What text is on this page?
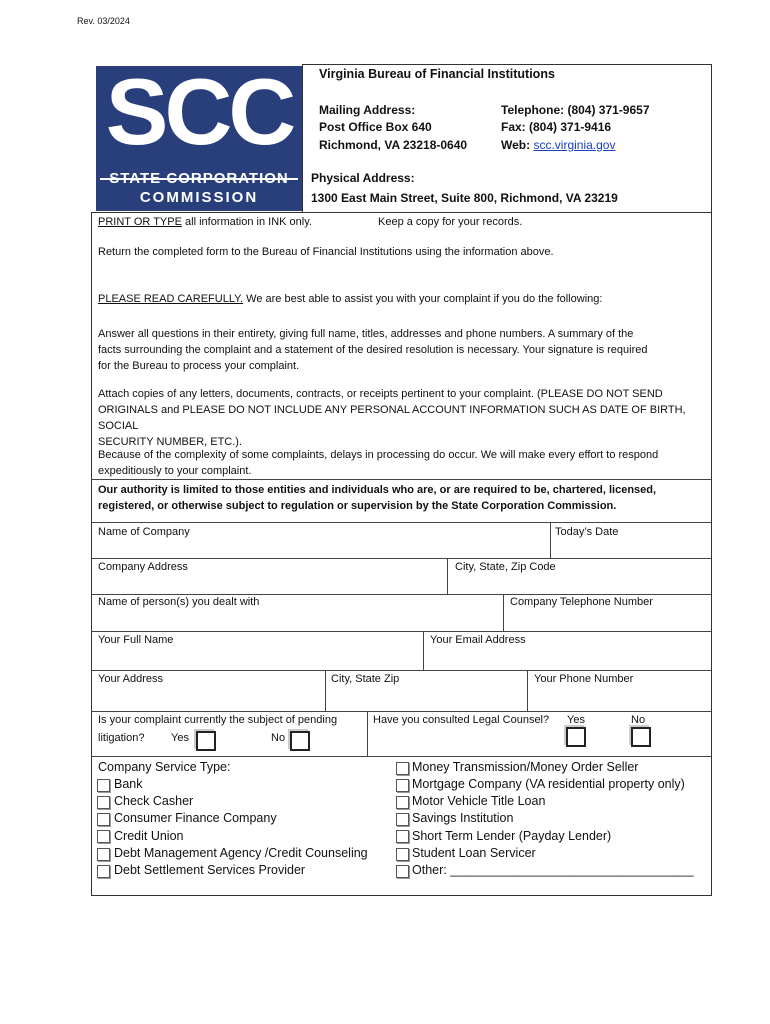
Rev. 03/2024
SCC
STATE CORPORATION
COMMISSION
Virginia Bureau of Financial Institutions
Mailing Address:
Post Office Box 640
Richmond, VA 23218-0640
Telephone: (804) 371-9657
Fax: (804) 371-9416
Web: scc.virginia.gov
Physical Address:
1300 East Main Street, Suite 800, Richmond, VA 23219
PRINT OR TYPE all information in INK only.	Keep a copy for your records.
Return the completed form to the Bureau of Financial Institutions using the information above.
PLEASE READ CAREFULLY. We are best able to assist you with your complaint if you do the following:
Answer all questions in their entirety, giving full name, titles, addresses and phone numbers. A summary of the
facts surrounding the complaint and a statement of the desired resolution is necessary. Your signature is required
for the Bureau to process your complaint.
Attach copies of any letters, documents, contracts, or receipts pertinent to your complaint. (PLEASE DO NOT SEND
ORIGINALS and PLEASE DO NOT INCLUDE ANY PERSONAL ACCOUNT INFORMATION SUCH AS DATE OF BIRTH, SOCIAL
SECURITY NUMBER, ETC.).
Because of the complexity of some complaints, delays in processing do occur. We will make every effort to respond
expeditiously to your complaint.
Our authority is limited to those entities and individuals who are, or are required to be, chartered, licensed,
registered, or otherwise subject to regulation or supervision by the State Corporation Commission.
Name of Company	Today’s Date
Company Address	City, State, Zip Code
Name of person(s) you dealt with	Company Telephone Number
Your Full Name	Your Email Address
Your Address	City, State Zip	Your Phone Number
Is your complaint currently the subject of pending
litigation? Yes	No
Have you consulted Legal Counsel? Yes	No
Company Service Type:
Bank
Check Casher
Consumer Finance Company
Credit Union
Debt Management Agency /Credit Counseling
Debt Settlement Services Provider
Money Transmission/Money Order Seller
Mortgage Company (VA residential property only)
Motor Vehicle Title Loan
Savings Institution
Short Term Lender (Payday Lender)
Student Loan Servicer
Other: ___________________________________
